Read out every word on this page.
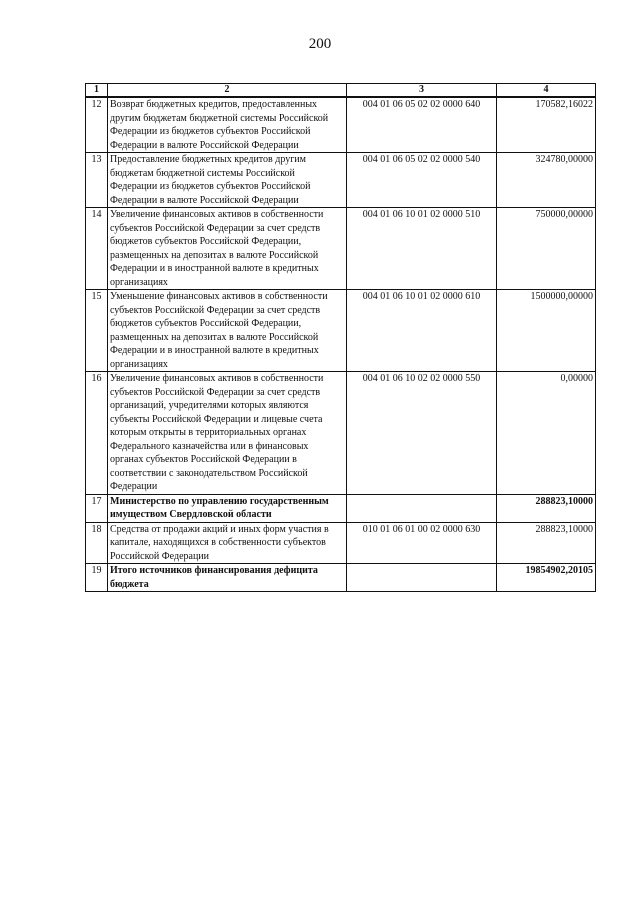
200
1	2	3	4
12	Возврат бюджетных кредитов, предоставленных другим бюджетам бюджетной системы Российской Федерации из бюджетов субъектов Российской Федерации в валюте Российской Федерации	004 01 06 05 02 02 0000 640	170582,16022
13	Предоставление бюджетных кредитов другим бюджетам бюджетной системы Российской Федерации из бюджетов субъектов Российской Федерации в валюте Российской Федерации	004 01 06 05 02 02 0000 540	324780,00000
14	Увеличение финансовых активов в собственности субъектов Российской Федерации за счет средств бюджетов субъектов Российской Федерации, размещенных на депозитах в валюте Российской Федерации и в иностранной валюте в кредитных организациях	004 01 06 10 01 02 0000 510	750000,00000
15	Уменьшение финансовых активов в собственности субъектов Российской Федерации за счет средств бюджетов субъектов Российской Федерации, размещенных на депозитах в валюте Российской Федерации и в иностранной валюте в кредитных организациях	004 01 06 10 01 02 0000 610	1500000,00000
16	Увеличение финансовых активов в собственности субъектов Российской Федерации за счет средств организаций, учредителями которых являются субъекты Российской Федерации и лицевые счета которым открыты в территориальных органах Федерального казначейства или в финансовых органах субъектов Российской Федерации в соответствии с законодательством Российской Федерации	004 01 06 10 02 02 0000 550	0,00000
17	Министерство по управлению государственным имуществом Свердловской области		288823,10000
18	Средства от продажи акций и иных форм участия в капитале, находящихся в собственности субъектов Российской Федерации	010 01 06 01 00 02 0000 630	288823,10000
19	Итого источников финансирования дефицита бюджета		19854902,20105
